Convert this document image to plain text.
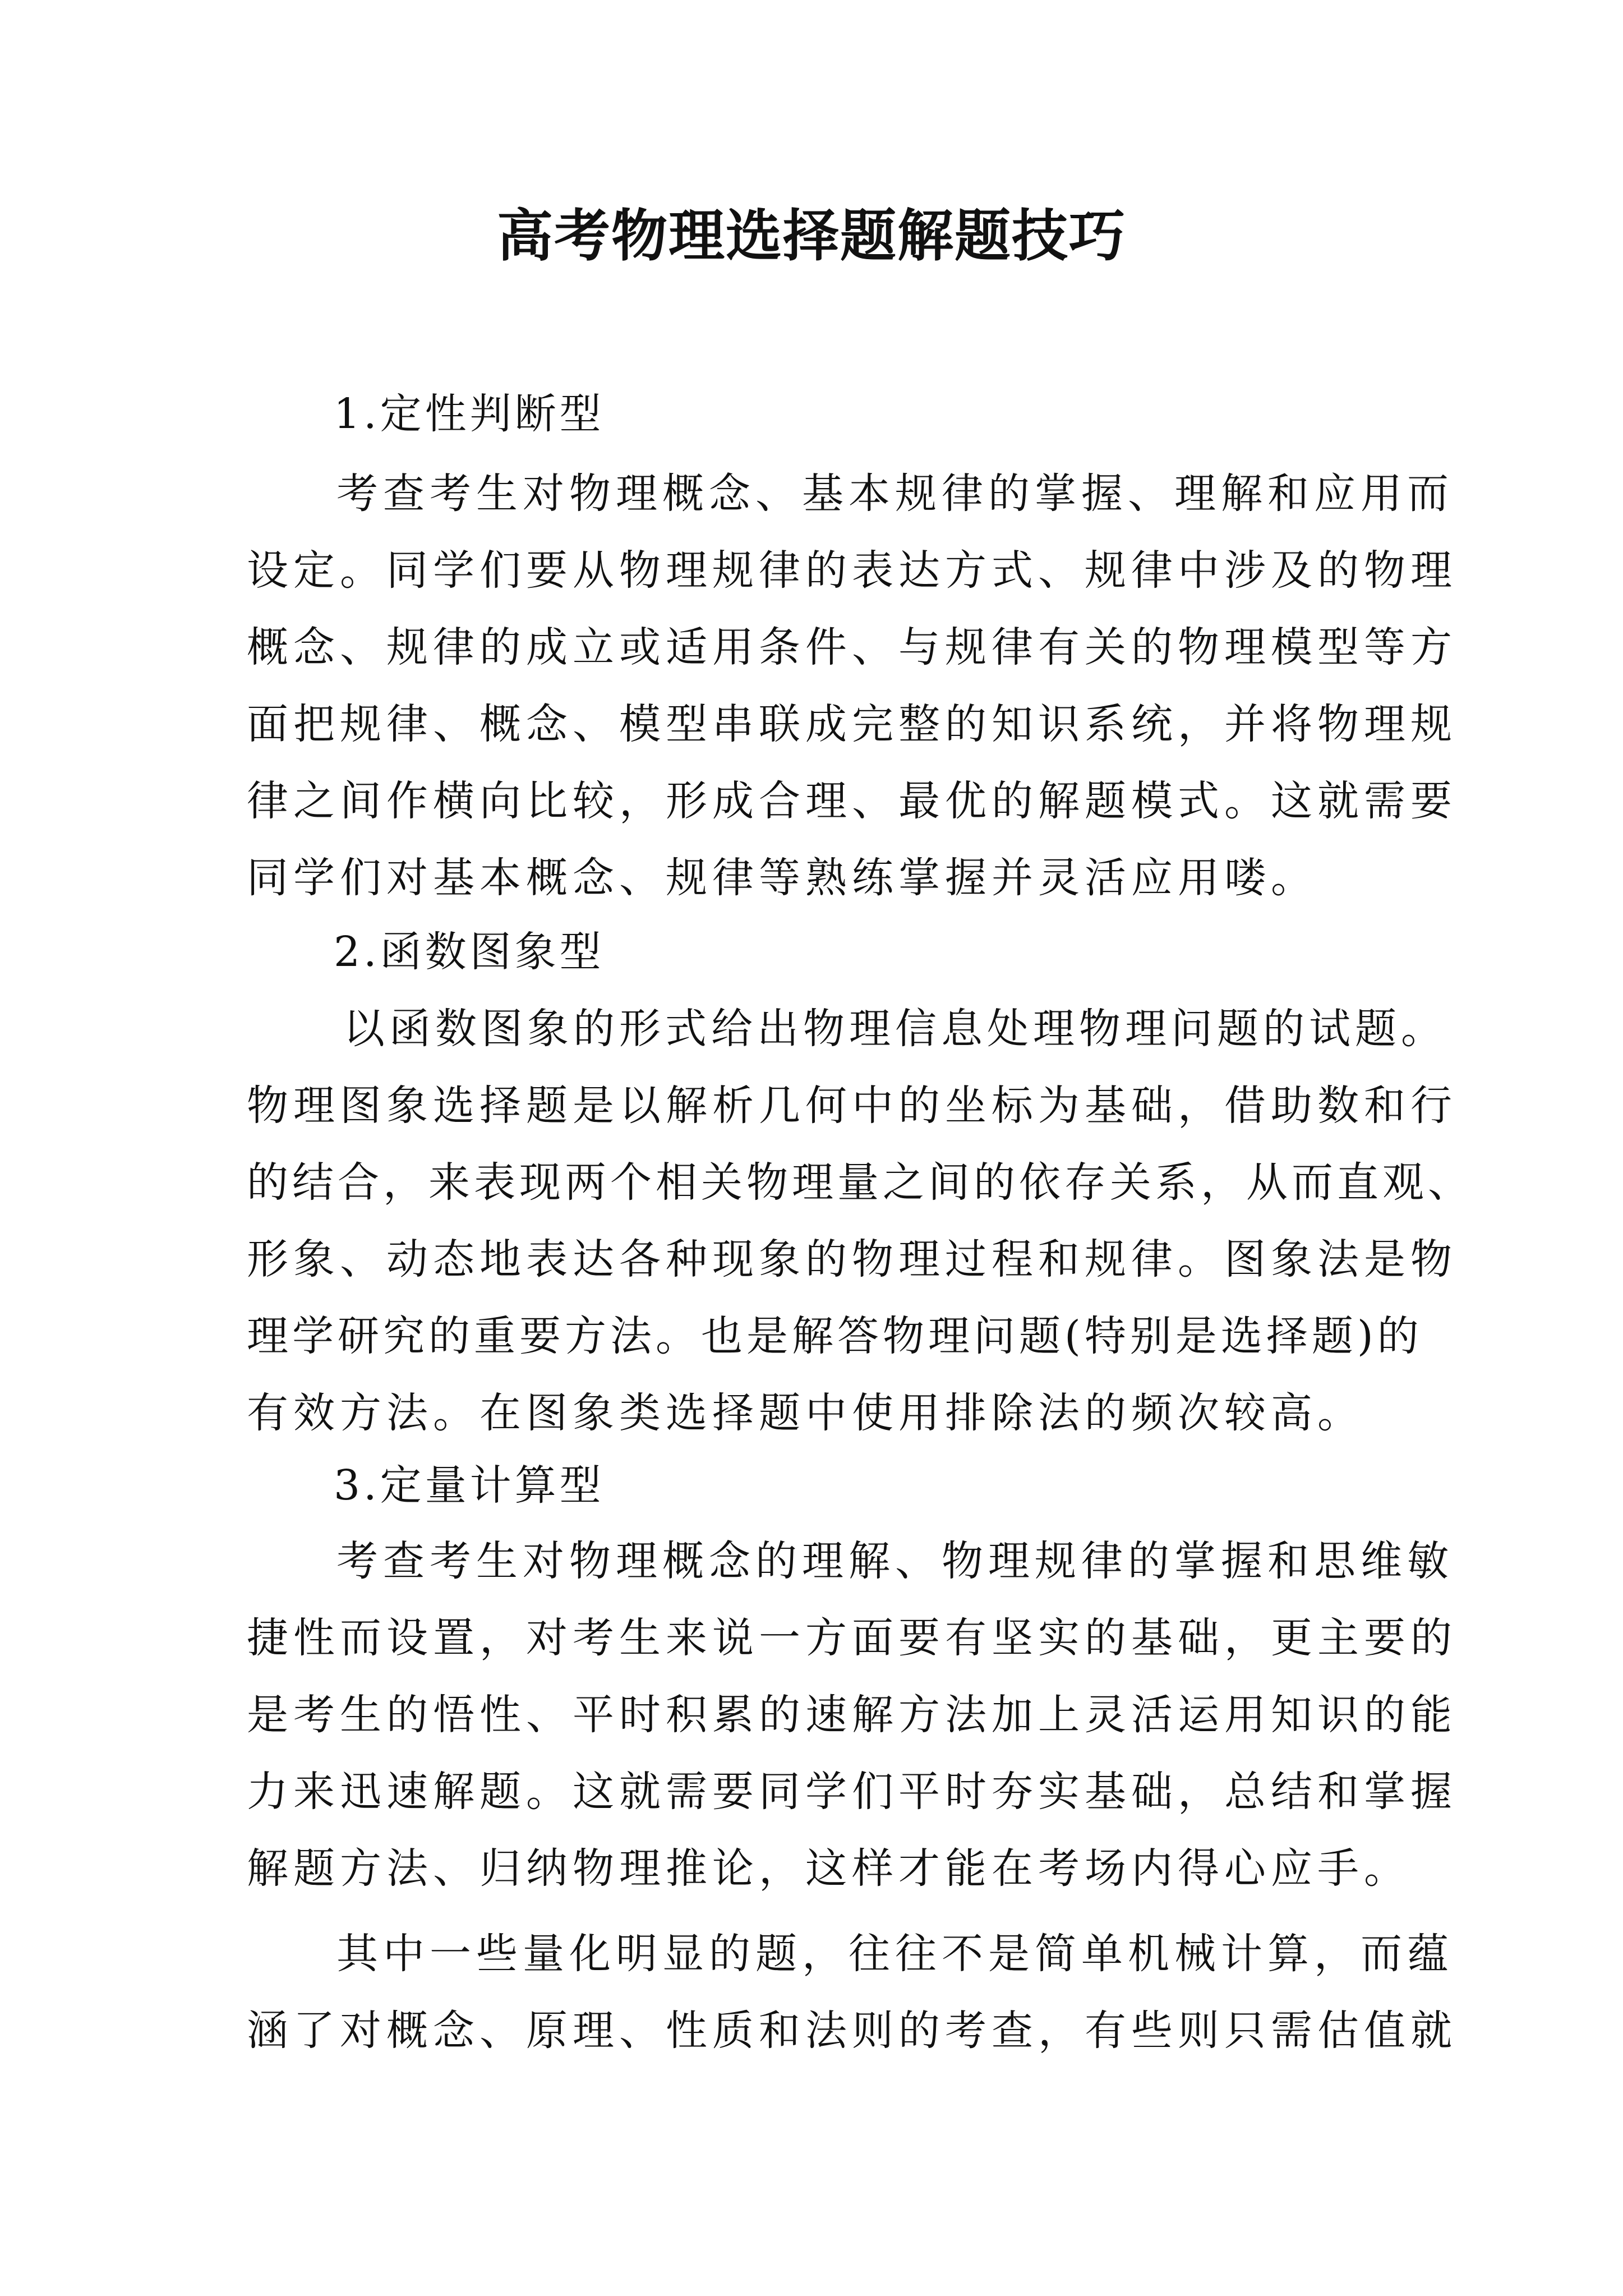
高考物理选择题解题技巧
1.定性判断型
考查考生对物理概念、基本规律的掌握、理解和应用而
设定。同学们要从物理规律的表达方式、规律中涉及的物理
概念、规律的成立或适用条件、与规律有关的物理模型等方
面把规律、概念、模型串联成完整的知识系统，并将物理规
律之间作横向比较，形成合理、最优的解题模式。这就需要
同学们对基本概念、规律等熟练掌握并灵活应用喽。
2.函数图象型
以函数图象的形式给出物理信息处理物理问题的试题。
物理图象选择题是以解析几何中的坐标为基础，借助数和行
的结合，来表现两个相关物理量之间的依存关系，从而直观、
形象、动态地表达各种现象的物理过程和规律。图象法是物
理学研究的重要方法。也是解答物理问题(特别是选择题)的
有效方法。在图象类选择题中使用排除法的频次较高。
3.定量计算型
考查考生对物理概念的理解、物理规律的掌握和思维敏
捷性而设置，对考生来说一方面要有坚实的基础，更主要的
是考生的悟性、平时积累的速解方法加上灵活运用知识的能
力来迅速解题。这就需要同学们平时夯实基础，总结和掌握
解题方法、归纳物理推论，这样才能在考场内得心应手。
其中一些量化明显的题，往往不是简单机械计算，而蕴
涵了对概念、原理、性质和法则的考查，有些则只需估值就
